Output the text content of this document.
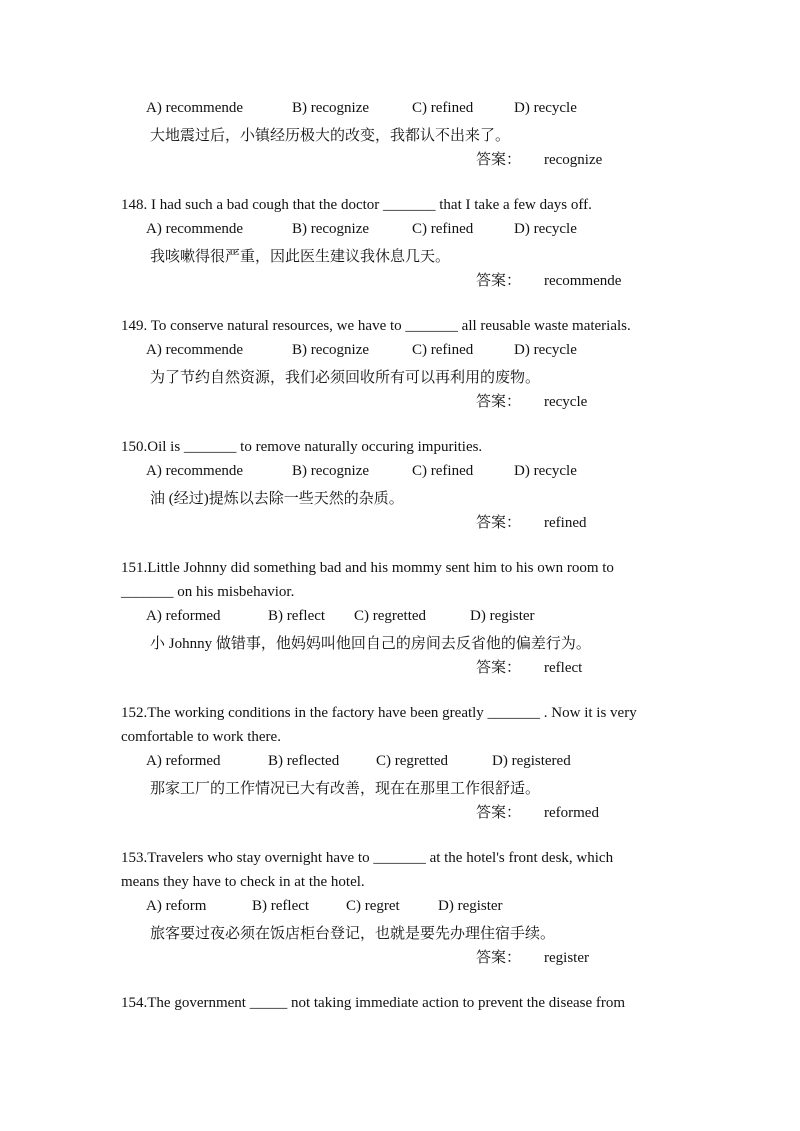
A) recommende	B) recognize	C) refined	D) recycle
大地震过后，小镇经历极大的改变，我都认不出来了。
答案： recognize
148. I had such a bad cough that the doctor _______ that I take a few days off.
A) recommende	B) recognize	C) refined	D) recycle
我咳嗽得很严重，因此医生建议我休息几天。
答案： recommende
149. To conserve natural resources, we have to _______ all reusable waste materials.
A) recommende	B) recognize	C) refined	D) recycle
为了节约自然资源，我们必须回收所有可以再利用的废物。
答案： recycle
150.Oil is _______ to remove naturally occuring impurities.
A) recommende	B) recognize	C) refined	D) recycle
油 (经过)提炼以去除一些天然的杂质。
答案： refined
151.Little Johnny did something bad and his mommy sent him to his own room to
_______ on his misbehavior.
A) reformed	B) reflect C) regretted	D) register
小 Johnny 做错事，他妈妈叫他回自己的房间去反省他的偏差行为。
答案： reflect
152.The working conditions in the factory have been greatly _______ . Now it is very
comfortable to work there.
A) reformed	B) reflected C) regretted	D) registered
那家工厂的工作情况已大有改善，现在在那里工作很舒适。
答案： reformed
153.Travelers who stay overnight have to _______ at the hotel's front desk, which
means they have to check in at the hotel.
A) reform	B) reflect C) regret	D) register
旅客要过夜必须在饭店柜台登记，也就是要先办理住宿手续。
答案： register
154.The government _____ not taking immediate action to prevent the disease from
